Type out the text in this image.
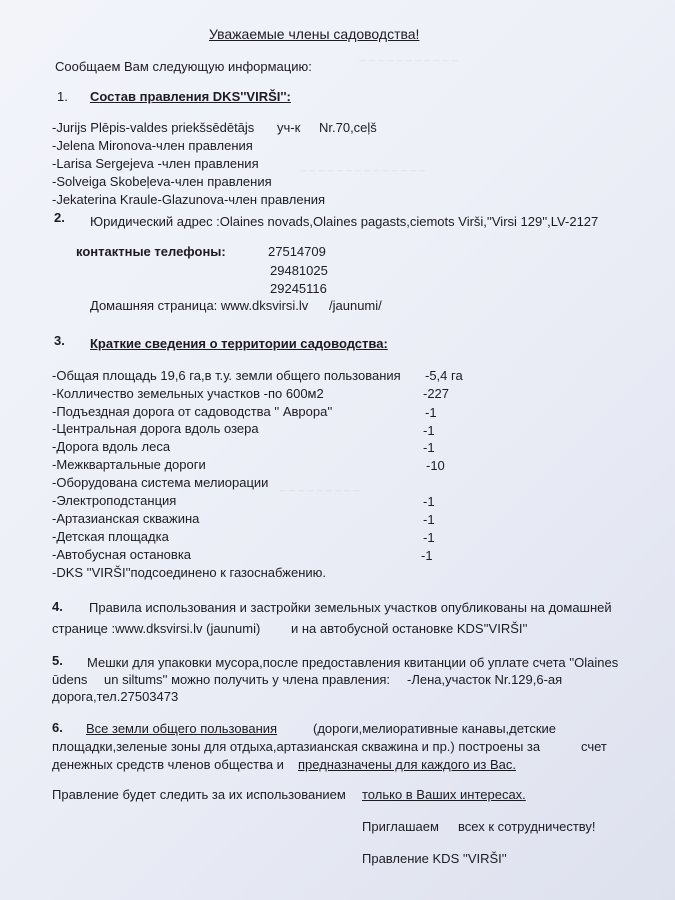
_ _ _ _ _ _ _ _ _ _ _
_ _ _ _ _ _ _ _ _ _ _ _ _ _
_ _ _ _ _ _ _ _ _
Уважаемые члены садоводства!
Сообщаем Вам следующую информацию:
1. Состав правления DKS''VIRŠI'':
-Jurijs Plēpis-valdes priekšsēdētājs уч-к Nr.70,ceļš
-Jelena Mironova-член правления
-Larisa Sergejeva -член правления
-Solveiga Skobeļeva-член правления
-Jekaterina Kraule-Glazunova-член правления
2. Юридический адрес :Olaines novads,Olaines pagasts,ciemots Virši,''Virsi 129'',LV-2127
контактные телефоны:	27514709
29481025
29245116
Домашняя страница: www.dksvirsi.lv /jaunumi/
3. Краткие сведения о территории садоводства:
-Общая площадь 19,6 га,в т.у. земли общего пользования -5,4 га
-Колличество земельных участков -по 600м2	-227
-Подъездная дорога от садоводства '' Аврора''	-1
-Центральная дорога вдоль озера	-1
-Дорога вдоль леса	-1
-Межквартальные дороги	-10
-Оборудована система мелиорации
-Электроподстанция	-1
-Артазианская скважина	-1
-Детская площадка	-1
-Автобусная остановка	-1
-DKS ''VIRŠI''подсоединено к газоснабжению.
4. Правила использования и застройки земельных участков опубликованы на домашней
странице :www.dksvirsi.lv (jaunumi) и на автобусной остановке KDS''VIRŠI''
5. Мешки для упаковки мусора,после предоставления квитанции об уплате счета ''Olaines
ūdens un siltums'' можно получить у члена правления: -Лена,участок Nr.129,6-ая
дорога,тел.27503473
6. Все земли общего пользования	(дороги,мелиоративные канавы,детские
площадки,зеленые зоны для отдыха,артазианская скважина и пр.) построены за	счет
денежных средств членов общества и предназначены для каждого из Вас.
Правление будет следить за их использованием только в Ваших интересах.
Приглашаем всех к сотрудничеству!
Правление KDS ''VIRŠI''
